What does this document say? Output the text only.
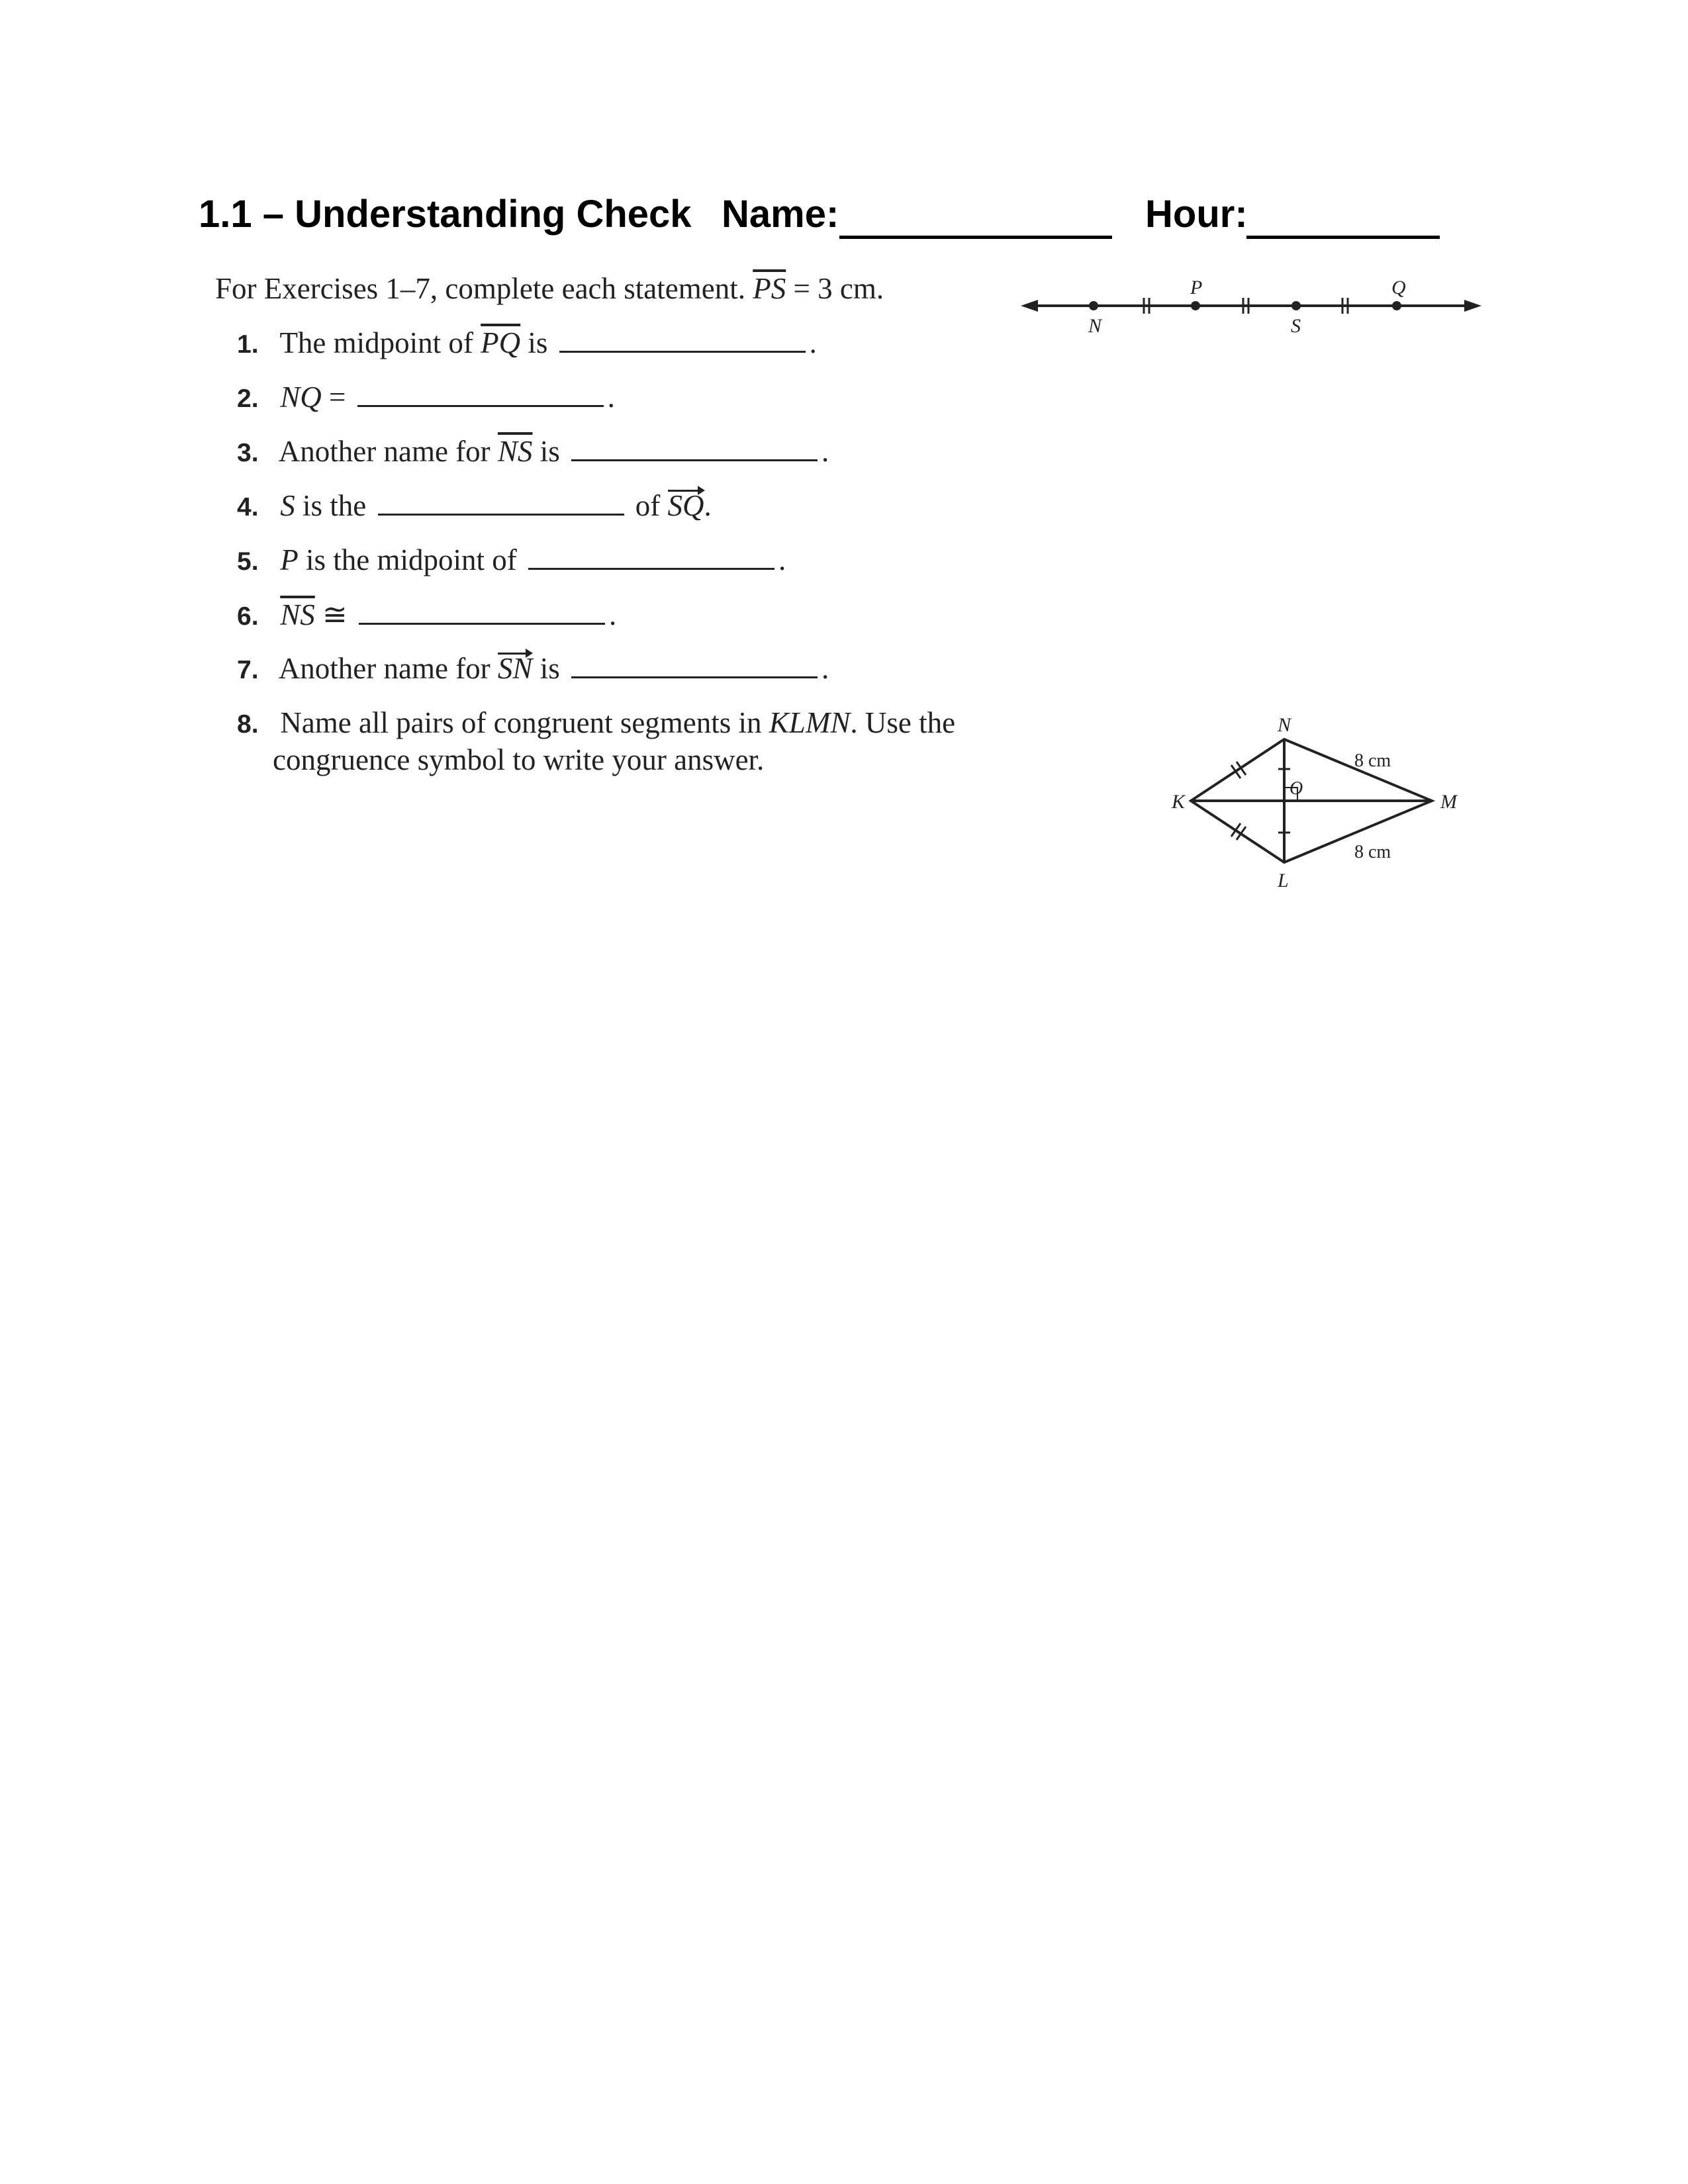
1.1 – Understanding Check Name:	Hour:
For Exercises 1–7, complete each statement. $\overline{PS} = 3$ cm.
1. The midpoint of $\overline{PQ}$ is	.
2. NQ =	.
3. Another name for $\overline{NS}$ is	.
4. S is the	of SQ.
5. P is the midpoint of	.
6. $\overline{NS}$ ≅	.
7. Another name for SN is	.
8. Name all pairs of congruent segments in KLMN. Use the
congruence symbol to write your answer.
N
P
S
Q
N
K	M
L
O
8 cm
8 cm
